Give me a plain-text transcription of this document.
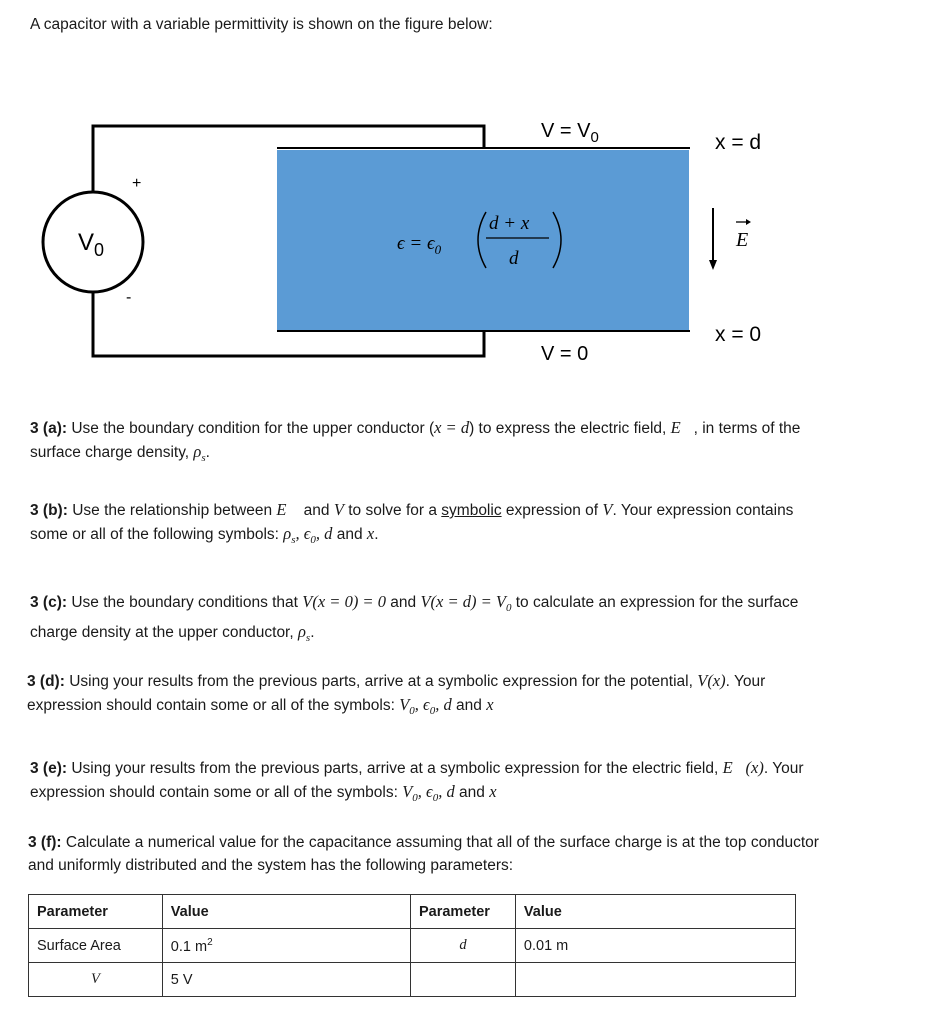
A capacitor with a variable permittivity is shown on the figure below:
$V_0$
+
-
$V = V_0$
V = 0
x = d
x = 0
E
$\epsilon = \epsilon_0$
d + x
d
3 (a): Use the boundary condition for the upper conductor (x = d) to express the electric field, E⃗, in terms of the surface charge density, $\rho_s$.
3 (b): Use the relationship between E⃗ and V to solve for a symbolic expression of V. Your expression contains some or all of the following symbols: $\rho_s$, $\epsilon_0$, d and x.
3 (c): Use the boundary conditions that V(x = 0) = 0 and $V(x = d) = V_0$ to calculate an expression for the surface charge density at the upper conductor, $\rho_s$.
3 (d): Using your results from the previous parts, arrive at a symbolic expression for the potential, V(x). Your expression should contain some or all of the symbols: $V_0$, $\epsilon_0$, d and x
3 (e): Using your results from the previous parts, arrive at a symbolic expression for the electric field, E⃗(x). Your expression should contain some or all of the symbols: $V_0$, $\epsilon_0$, d and x
3 (f): Calculate a numerical value for the capacitance assuming that all of the surface charge is at the top conductor and uniformly distributed and the system has the following parameters:
Parameter	Value	Parameter	Value
Surface Area	0.1 $m^2$	d	0.01 m
V	5 V		
